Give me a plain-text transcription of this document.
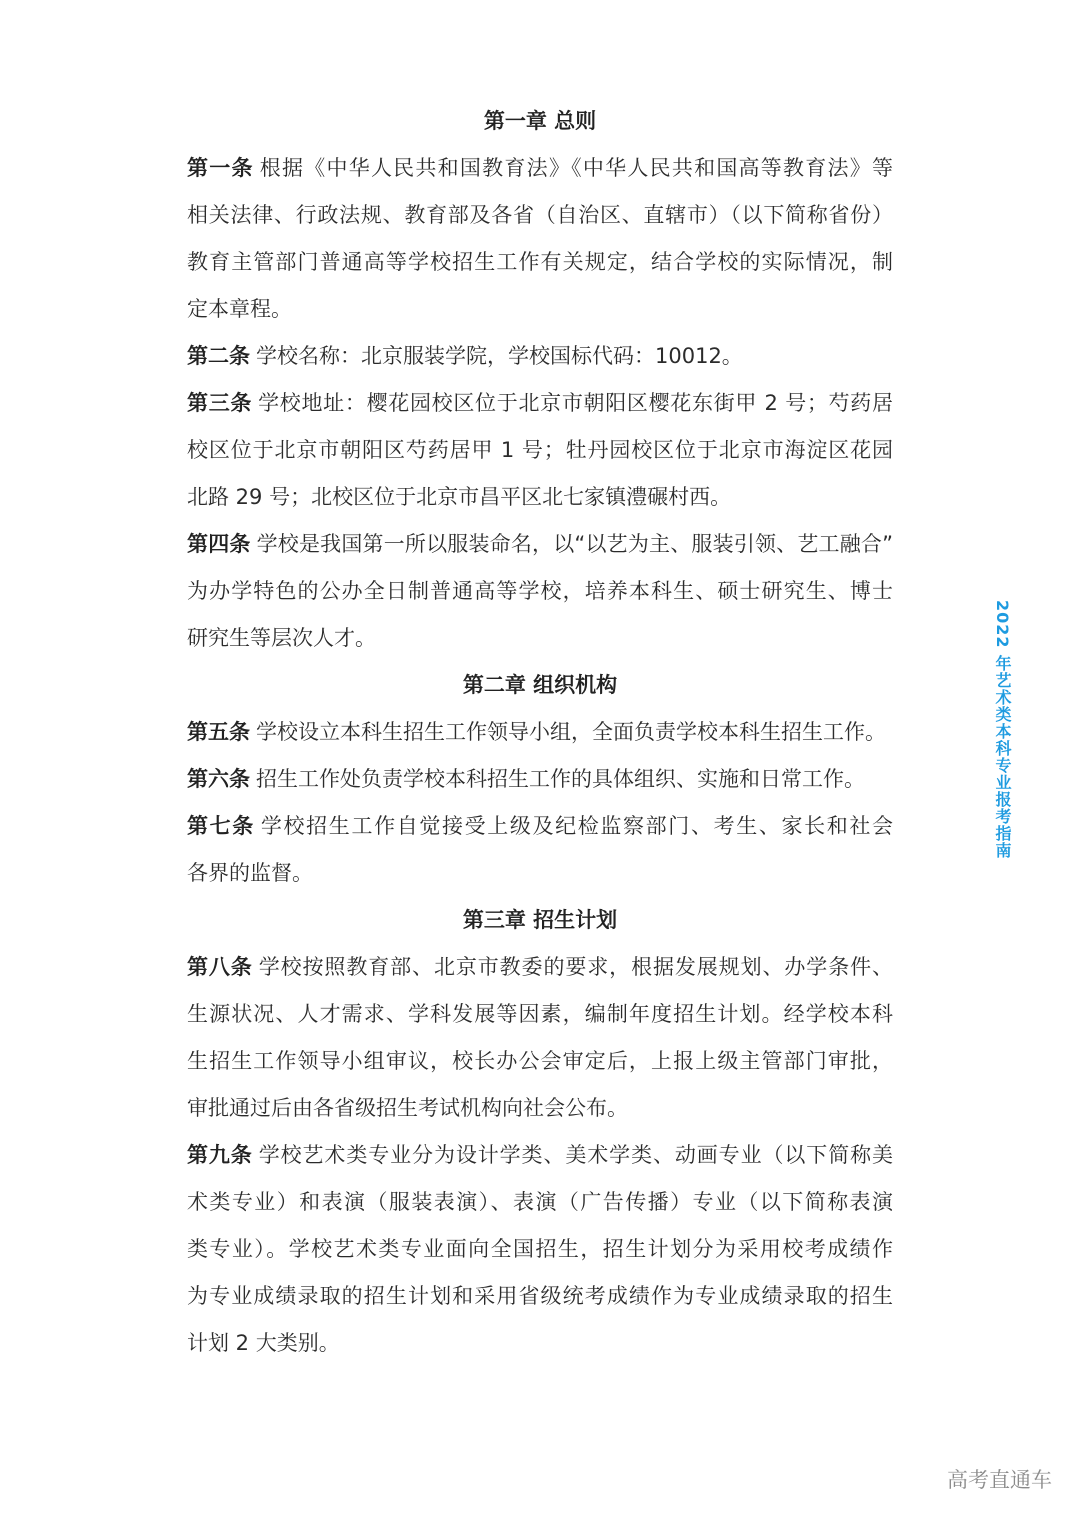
第一章 总则
第一条 根据《中华人民共和国教育法》《中华人民共和国高等教育法》等
相关法律、行政法规、教育部及各省（自治区、直辖市）（以下简称省份）
教育主管部门普通高等学校招生工作有关规定，结合学校的实际情况，制
定本章程。
第二条 学校名称：北京服装学院，学校国标代码：10012。
第三条 学校地址：樱花园校区位于北京市朝阳区樱花东街甲 2 号；芍药居
校区位于北京市朝阳区芍药居甲 1 号；牡丹园校区位于北京市海淀区花园
北路 29 号；北校区位于北京市昌平区北七家镇澧碾村西。
第四条 学校是我国第一所以服装命名，以“以艺为主、服装引领、艺工融合”
为办学特色的公办全日制普通高等学校，培养本科生、硕士研究生、博士
研究生等层次人才。
第二章 组织机构
第五条 学校设立本科生招生工作领导小组，全面负责学校本科生招生工作。
第六条 招生工作处负责学校本科招生工作的具体组织、实施和日常工作。
第七条 学校招生工作自觉接受上级及纪检监察部门、考生、家长和社会
各界的监督。
第三章 招生计划
第八条 学校按照教育部、北京市教委的要求，根据发展规划、办学条件、
生源状况、人才需求、学科发展等因素，编制年度招生计划。经学校本科
生招生工作领导小组审议，校长办公会审定后，上报上级主管部门审批，
审批通过后由各省级招生考试机构向社会公布。
第九条 学校艺术类专业分为设计学类、美术学类、动画专业（以下简称美
术类专业）和表演（服装表演）、表演（广告传播）专业（以下简称表演
类专业）。学校艺术类专业面向全国招生，招生计划分为采用校考成绩作
为专业成绩录取的招生计划和采用省级统考成绩作为专业成绩录取的招生
计划 2 大类别。
2022 年艺术类本科专业报考指南
高考直通车
